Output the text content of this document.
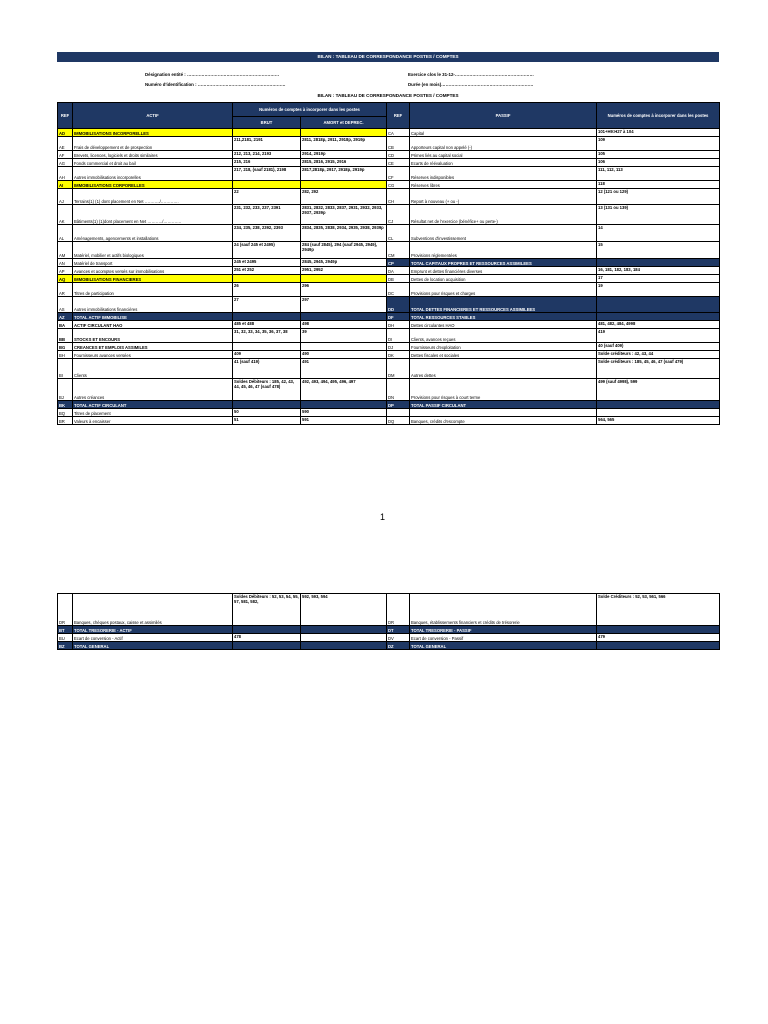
BILAN : TABLEAU DE CORRESPONDANCE POSTES / COMPTES
Désignation entité : ………………………………………………………
Numéro d'identification : ……………………………………………………
Exercice clos le 31-12-………………………………………………
Durée (en mois)………………………………………………………
BILAN : TABLEAU DE CORRESPONDANCE POSTES / COMPTES
REF	ACTIF	Numéros de comptes à incorporer dans les postes		REF	PASSIF	Numéros de comptes à incorporer dans les postes
		BRUT	AMORT et DEPREC.			
AD	IMMOBILISATIONS INCORPORELLES			CA	Capital	101+H9:H27 à 104
AE	Frais de développement et de prospection	211,2181, 2191	2811, 2818p, 2911, 2918p, 2919p	CB	Apporteurs capital non appelé (-)	109
AF	Brevets, licences, logiciels et droits similaires	212, 213, 214, 2193	2914, 2919p	CD	Primes liés au capital social	105
AG	Fonds commercial et droit au bail	215, 216	2815, 2816, 2915, 2916	CE	Ecarts de réévaluation	106
AH	Autres immobilisations incorporelles	217, 218, (sauf 2181), 2198	2817,2818p, 2917, 2918p, 2919p	CF	Réserves indisponibles	111, 112, 113
AI	IMMOBILISATIONS CORPORELLES			CG	Réserves libres	118
AJ	Terrains(1) (1) dont placement en Net ………../………….	22	282, 292	CH	Report à nouveau (+ ou -)	12 (121 ou 129)
AK	Bâtiments(1) (1)dont placement en Net ………../………….	231, 232, 233, 237, 2391	2831, 2832, 2833, 2837, 2931, 2932, 2933, 2937, 2939p	CJ	Résultat net de l'exercice (bénéfice+ ou perte-)	13 (131 ou 139)
AL	Aménagements, agencements et installations	234, 235, 238, 2392, 2393	2834, 2835, 2838, 2934, 2935, 2938, 2939p	CL	Subventions d'investissement	14
AM	Matériel, mobilier et actifs biologiques	24 (sauf 245 et 2495)	284 (sauf 2845), 294 (sauf 2945, 2949), 2949p	CM	Provisions réglementées	15
AN	Matériel de transport	245 et 2495	2845, 2945, 2949p	CP	TOTAL CAPITAUX PROPRES ET RESSOURCES ASSIMILEES	
AP	Avances et acomptes versés sur immobilisations	251 et 252	2951, 2952	DA	Emprunt et dettes financières diverses	16, 181, 182, 183, 184
AQ	IMMOBILISATIONS FINANCIERES			DB	Dettes de location acquisition	17
AR	Titres de participation	26	296	DC	Provisions pour risques et charges	19
AS	Autres immobilisations financières	27	297	DD	TOTAL DETTES FINANCIERES ET RESSOURCES ASSIMILEES	
AZ	TOTAL ACTIF IMMOBILISE			DF	TOTAL RESSOURCES STABLES	
BA	ACTIF CIRCULANT HAO	485 et 488	498	DH	Dettes circulantes HAO	481, 482, 484, 4998
BB	STOCKS ET ENCOURS	31, 32, 33, 34, 35, 36, 37, 38	39	DI	Clients, avances reçues	419
BG	CREANCES ET EMPLOIS ASSIMILES			DJ	Fournisseurs d'exploitation	40 (sauf 409)
BH	Fournisseurs avances versées	409	490	DK	Dettes fiscales et sociales	Solde créditeurs : 42, 43, 44
BI	Clients	41 (sauf 419)	491	DM	Autres dettes	Solde créditeurs : 185, 45, 46, 47 (sauf 479)
BJ	Autres créances	Soldes Débiteurs : 185, 42, 43, 44, 45, 46, 47 (sauf 478)	492, 493, 494, 495, 496, 497	DN	Provisions pour risques à court terme	499 (sauf 4998), 599
BK	TOTAL ACTIF CIRCULANT			DP	TOTAL PASSIF CIRCULANT	
BQ	Titres de placement	50	590			
BR	Valeurs à encaisser	51	591	DQ	Banques, crédits d'escompte	564, 565
1
DR	Banques, chèques postaux, caisse et assimilés	Soldes Débiteurs : 52, 53, 54, 55, 57, 581, 582,	592, 593, 594	DR	Banques, établissements financiers et crédits de trésorerie	Solde Créditeurs : 52, 53, 561, 566
BT	TOTAL TRESORERIE - ACTIF			DT	TOTAL TRESORERIE - PASSIF	
BU	Ecart de conversion - Actif	478		DV	Ecart de conversion - Passif	479
BZ	TOTAL GENERAL			DZ	TOTAL GENERAL	
